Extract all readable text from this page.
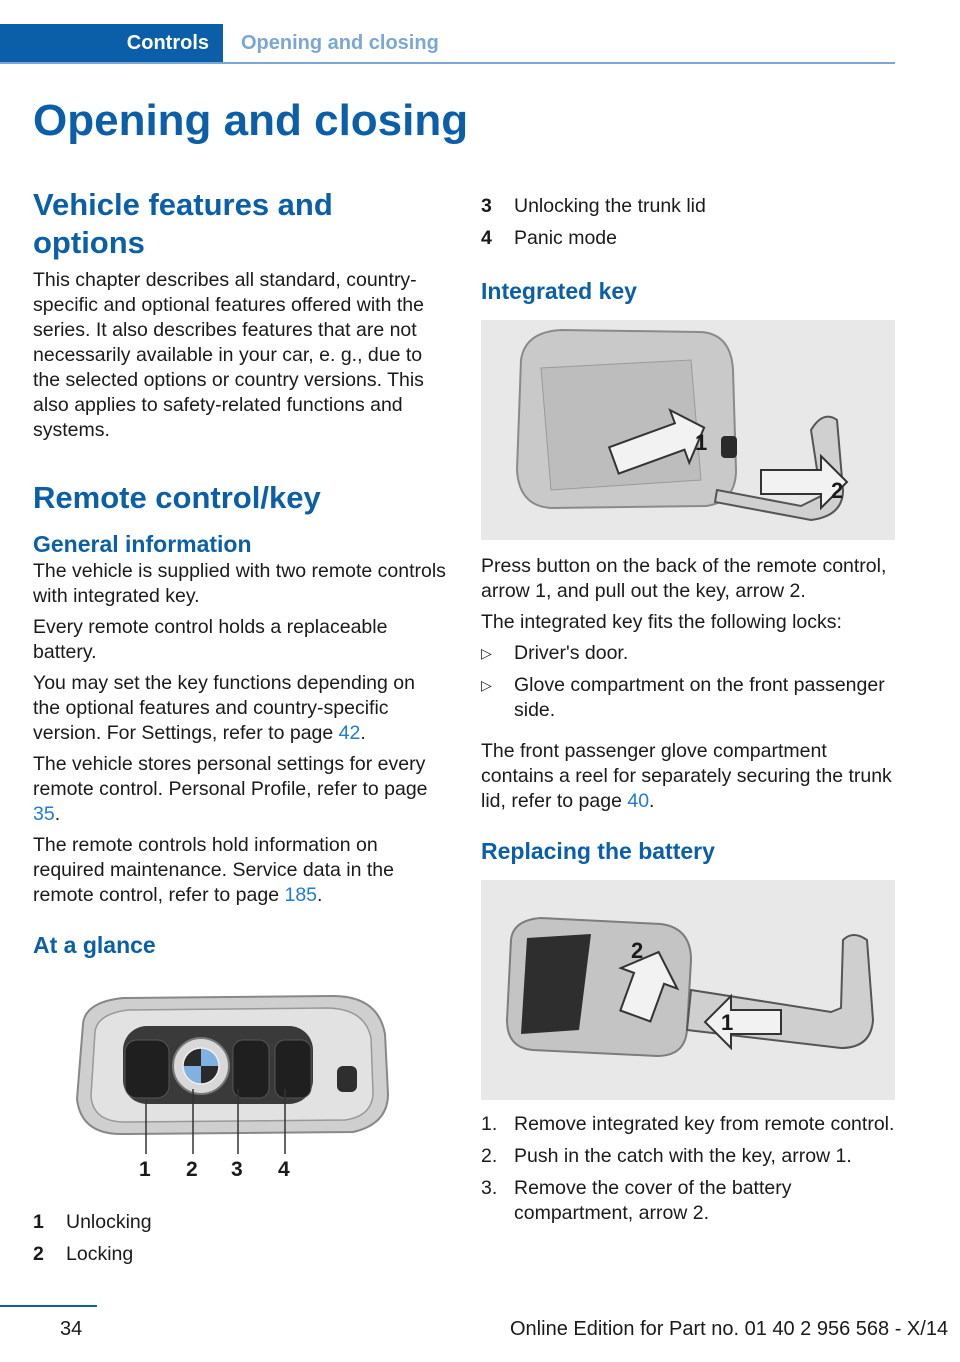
Controls	Opening and closing
Opening and closing
Vehicle features and options

This chapter describes all standard, country-specific and optional features offered with the series. It also describes features that are not necessarily available in your car, e. g., due to the selected options or country versions. This also applies to safety-related functions and systems.

Remote control/key
General information

The vehicle is supplied with two remote controls with integrated key.

Every remote control holds a replaceable battery.

You may set the key functions depending on the optional features and country-specific version. For Settings, refer to page 42.

The vehicle stores personal settings for every remote control. Personal Profile, refer to page 35.

The remote controls hold information on required maintenance. Service data in the remote control, refer to page 185.

At a glance
1 2 3 4
1 Unlocking
2 Locking
3 Unlocking the trunk lid
4 Panic mode
Integrated key
1
2

Press button on the back of the remote control, arrow 1, and pull out the key, arrow 2.

The integrated key fits the following locks:

▷ Driver's door.
▷ Glove compartment on the front passenger side.

The front passenger glove compartment contains a reel for separately securing the trunk lid, refer to page 40.

Replacing the battery
2
1
1. Remove integrated key from remote control.
2. Push in the catch with the key, arrow 1.
3. Remove the cover of the battery compartment, arrow 2.
34	Online Edition for Part no. 01 40 2 956 568 - X/14
